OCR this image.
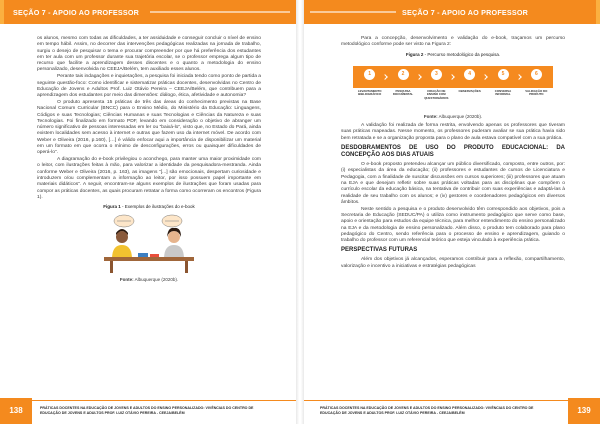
SEÇÃO 7 - APOIO AO PROFESSOR

os alunos, mesmo com todas as dificuldades, a ter assiduidade e conseguir concluir o nível de ensino em tempo hábil. Assim, no decorrer das intervenções pedagógicas realizadas na jornada de trabalho, surgiu o desejo de pesquisar o tema e procurar compreender por que há preferência dos estudantes em ter aula com um professor durante sua trajetória escolar, se o professor emprega algum tipo de recurso que facilite a aprendizagem desses discentes e o quanto a metodologia do ensino personalizado, desenvolvida no CEEJA/Belém, tem auxiliado esses alunos.

Perante tais indagações e inquietações, a pesquisa foi iniciada tendo como ponto de partida a seguinte questão-foco: Como identificar e sistematizar práticas docentes, desenvolvidas no Centro de Educação de Jovens e Adultos Prof. Luiz Otávio Pereira – CEEJA/Belém, que contribuem para a aprendizagem dos estudantes por meio das dimensões: diálogo, ética, afetividade e autonomia?

O produto apresenta 15 práticas de três das áreas do conhecimento previstas na Base Nacional Comum Curricular (BNCC) para o Ensino Médio, do Ministério da Educação: Linguagens, Códigos e suas Tecnologias; Ciências Humanas e suas Tecnologias e Ciências da Natureza e suas Tecnologias. Foi finalizado em formato PDF, levando em consideração o objetivo de abranger um número significativo de pessoas interessadas em ler ou “baixá-lo”, visto que, no Estado do Pará, ainda existem localidades sem acesso à internet e outras que fazem uso da internet móvel. De acordo com Weber e Oliveira (2016, p.160), […] é válido enfocar aqui a importância de disponibilizar um material em um formato em que ocorra o mínimo de desconfigurações, erros ou quaisquer dificuldades de operá-lo”.

A diagramação do e-book privilegiou o aconchego, para manter uma maior proximidade com o leitor, com ilustrações feitas à mão, para valorizar a identidade da pesquisadora-mestranda. Ainda conforme Weber e Oliveira (2016, p. 163), as imagens “[...] são emocionais, despertam curiosidade e introduzem o/ou complementam a informação ao leitor, por isso possuem papel importante em materiais didáticos”. A seguir, encontram-se alguns exemplos de ilustrações que foram usadas para compor as práticas docentes, as quais procuram retratar a forma como ocorreram os encontros (Figura 1).

Figura 1 - Exemplos de ilustrações do e-book
Fonte: Albuquerque (2020b).
138	PRÁTICAS DOCENTES NA EDUCAÇÃO DE JOVENS E ADULTOS DO ENSINO PERSONALIZADO: VIVÊNCIAS DO CENTRO DE EDUCAÇÃO DE JOVENS E ADULTOS PROF. LUIZ OTÁVIO PEREIRA - CEEJA/BELÉM
SEÇÃO 7 - APOIO AO PROFESSOR

Para a concepção, desenvolvimento e validação do e-book, traçamos um percurso metodológico conforme pode ser visto na Figura 2:

Figura 2 - Percurso metodológico da pesquisa.
1
LEVANTAMENTO BIBLIOGRÁFICO
2
PESQUISA DOCUMENTAL
3
CRIAÇÃO DE ENSINO COM QUESTIONÁRIOS
4
OBSERVAÇÕES
5
CONVERSA INFORMAL
6
VALIDAÇÃO DO PRODUTO
Fonte: Albuquerque (2020b).

A validação foi realizada de forma restrita, envolvendo apenas os professores que tiveram suas práticas mapeadas. Nesse momento, os professores puderam avaliar se sua prática havia sido bem retratada e se a organização proposta para o plano de aula estava compatível com a sua prática.

DESDOBRAMENTOS DE USO DO PRODUTO EDUCACIONAL: DA CONCEPÇÃO AOS DIAS ATUAIS

O e-book proposto pretendeu alcançar um público diversificado, composto, entre outros, por: (i) especialistas da área da educação; (ii) professores e estudantes de cursos de Licenciatura e Pedagogia, com a finalidade de suscitar discussões em cursos superiores; (iii) professores que atuam na EJA e que desejam refletir sobre suas práticas voltadas para as disciplinas que compõem o currículo escolar da educação básica, na tentativa de contribuir com suas experiências e adaptá-las à realidade de seu trabalho com os alunos; e (iv) gestores e coordenadores pedagógicos em diversos âmbitos.

Neste sentido a pesquisa e o produto desenvolvido têm correspondido aos objetivos, pois a Secretaria de Educação (SEDUC/PA) o utiliza como instrumento pedagógico que serve como base, apoio e orientação para estudos da equipe técnica, para melhor entendimento do ensino personalizado na EJA e da metodologia de ensino personalizado. Além disso, o produto tem colaborado para plano pedagógico do Centro, sendo referência para o processo de ensino e aprendizagem, guiando o trabalho do professor com um referencial teórico que esteja vinculado à experiência prática.

PERSPECTIVAS FUTURAS

Além dos objetivos já alcançados, esperamos contribuir para a reflexão, compartilhamento, valorização e incentivo a iniciativas e estratégias pedagógicas

PRÁTICAS DOCENTES NA EDUCAÇÃO DE JOVENS E ADULTOS DO ENSINO PERSONALIZADO: VIVÊNCIAS DO CENTRO DE EDUCAÇÃO DE JOVENS E ADULTOS PROF. LUIZ OTÁVIO PEREIRA - CEEJA/BELÉM	139
